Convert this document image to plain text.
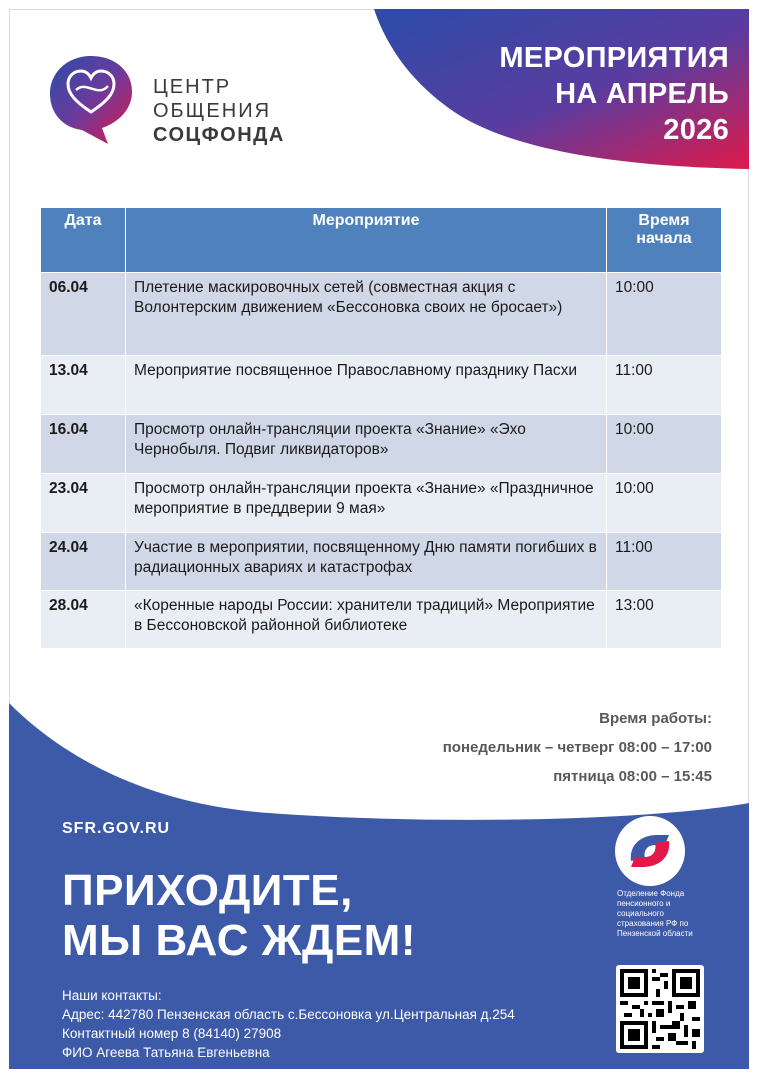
МЕРОПРИЯТИЯ
НА АПРЕЛЬ
2026
ЦЕНТР
ОБЩЕНИЯ
СОЦФОНДА
Дата	Мероприятие	Время начала
06.04	Плетение маскировочных сетей (совместная акция с Волонтерским движением «Бессоновка своих не бросает»)	10:00
13.04	Мероприятие посвященное Православному празднику Пасхи	11:00
16.04	Просмотр онлайн-трансляции проекта «Знание» «Эхо Чернобыля. Подвиг ликвидаторов»	10:00
23.04	Просмотр онлайн-трансляции проекта «Знание» «Праздничное мероприятие в преддверии 9 мая»	10:00
24.04	Участие в мероприятии, посвященному Дню памяти погибших в радиационных авариях и катастрофах	11:00
28.04	«Коренные народы России: хранители традиций» Мероприятие в Бессоновской районной библиотеке	13:00
Время работы:
понедельник – четверг 08:00 – 17:00
пятница 08:00 – 15:45
SFR.GOV.RU
ПРИХОДИТЕ,
МЫ ВАС ЖДЕМ!
Наши контакты:
Адрес: 442780 Пензенская область с.Бессоновка ул.Центральная д.254
Контактный номер 8 (84140) 27908
ФИО Агеева Татьяна Евгеньевна
Отделение Фонда пенсионного и социального страхования РФ по Пензенской области
